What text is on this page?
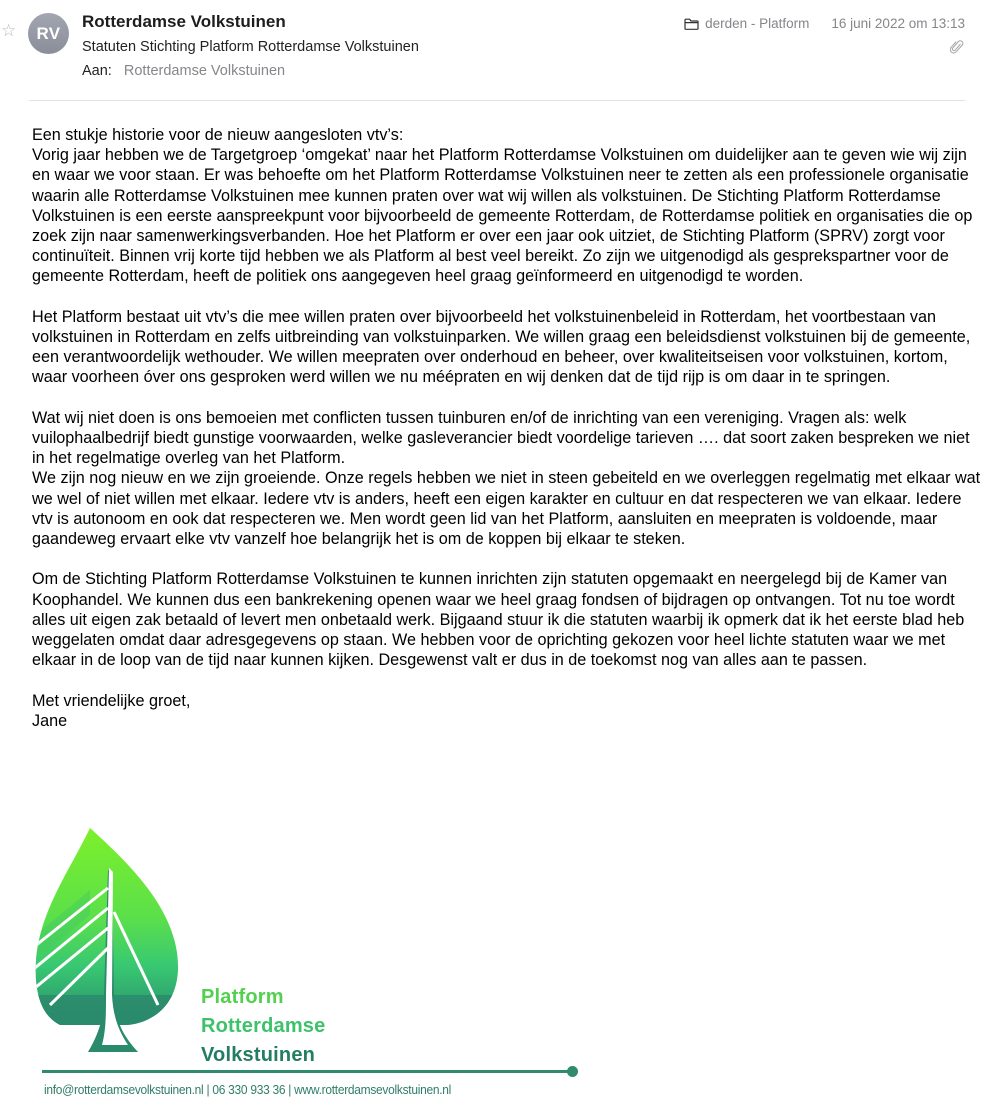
☆ RV
Rotterdamse Volkstuinen
Statuten Stichting Platform Rotterdamse Volkstuinen
Aan: Rotterdamse Volkstuinen
derden - Platform 16 juni 2022 om 13:13

Een stukje historie voor de nieuw aangesloten vtv’s:

Vorig jaar hebben we de Targetgroep ‘omgekat’ naar het Platform Rotterdamse Volkstuinen om duidelijker aan te geven wie wij zijn en waar we voor staan. Er was behoefte om het Platform Rotterdamse Volkstuinen neer te zetten als een professionele organisatie waarin alle Rotterdamse Volkstuinen mee kunnen praten over wat wij willen als volkstuinen. De Stichting Platform Rotterdamse Volkstuinen is een eerste aanspreekpunt voor bijvoorbeeld de gemeente Rotterdam, de Rotterdamse politiek en organisaties die op zoek zijn naar samenwerkingsverbanden. Hoe het Platform er over een jaar ook uitziet, de Stichting Platform (SPRV) zorgt voor continuïteit. Binnen vrij korte tijd hebben we als Platform al best veel bereikt. Zo zijn we uitgenodigd als gesprekspartner voor de gemeente Rotterdam, heeft de politiek ons aangegeven heel graag geïnformeerd en uitgenodigd te worden.

Het Platform bestaat uit vtv’s die mee willen praten over bijvoorbeeld het volkstuinenbeleid in Rotterdam, het voortbestaan van volkstuinen in Rotterdam en zelfs uitbreinding van volkstuinparken. We willen graag een beleidsdienst volkstuinen bij de gemeente, een verantwoordelijk wethouder. We willen meepraten over onderhoud en beheer, over kwaliteitseisen voor volkstuinen, kortom, waar voorheen óver ons gesproken werd willen we nu méépraten en wij denken dat de tijd rijp is om daar in te springen.

Wat wij niet doen is ons bemoeien met conflicten tussen tuinburen en/of de inrichting van een vereniging. Vragen als: welk vuilophaalbedrijf biedt gunstige voorwaarden, welke gasleverancier biedt voordelige tarieven …. dat soort zaken bespreken we niet in het regelmatige overleg van het Platform.

We zijn nog nieuw en we zijn groeiende. Onze regels hebben we niet in steen gebeiteld en we overleggen regelmatig met elkaar wat we wel of niet willen met elkaar. Iedere vtv is anders, heeft een eigen karakter en cultuur en dat respecteren we van elkaar. Iedere vtv is autonoom en ook dat respecteren we. Men wordt geen lid van het Platform, aansluiten en meepraten is voldoende, maar gaandeweg ervaart elke vtv vanzelf hoe belangrijk het is om de koppen bij elkaar te steken.

Om de Stichting Platform Rotterdamse Volkstuinen te kunnen inrichten zijn statuten opgemaakt en neergelegd bij de Kamer van Koophandel. We kunnen dus een bankrekening openen waar we heel graag fondsen of bijdragen op ontvangen. Tot nu toe wordt alles uit eigen zak betaald of levert men onbetaald werk. Bijgaand stuur ik die statuten waarbij ik opmerk dat ik het eerste blad heb weggelaten omdat daar adresgegevens op staan. We hebben voor de oprichting gekozen voor heel lichte statuten waar we met elkaar in de loop van de tijd naar kunnen kijken. Desgewenst valt er dus in de toekomst nog van alles aan te passen.

Met vriendelijke groet,

Jane

Platform
Rotterdamse
Volkstuinen
info@rotterdamsevolkstuinen.nl | 06 330 933 36 | www.rotterdamsevolkstuinen.nl
